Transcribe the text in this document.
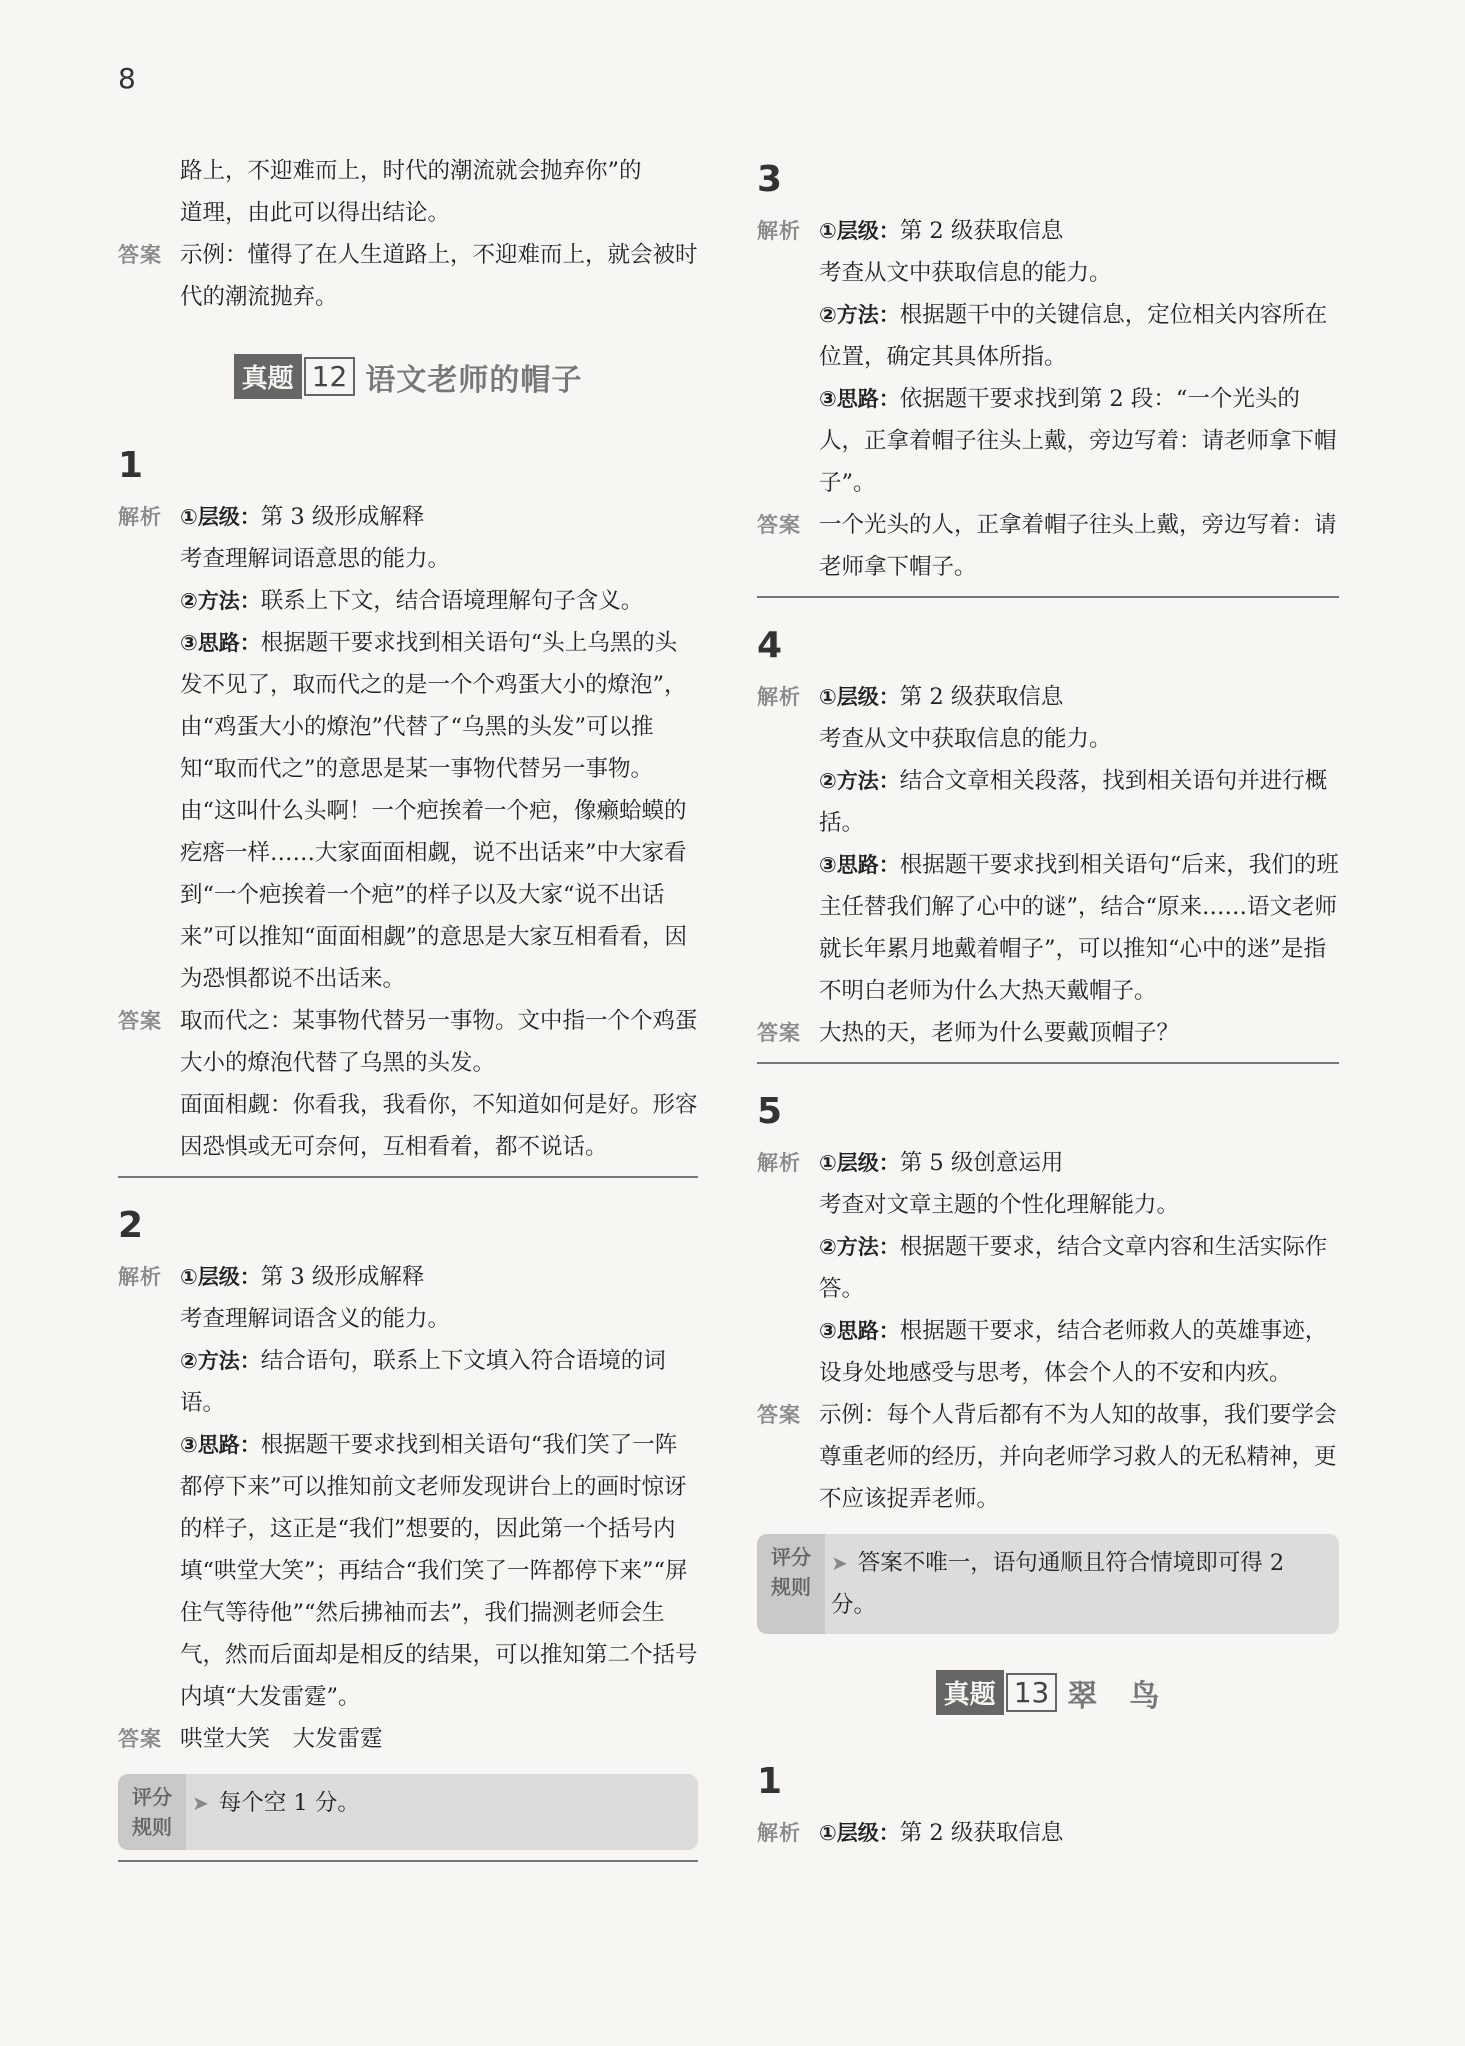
8

路上，不迎难而上，时代的潮流就会抛弃你”的

道理，由此可以得出结论。

答案 示例：懂得了在人生道路上，不迎难而上，就会被时代的潮流抛弃。
真题 12 语文老师的帽子
1
解析 ①层级：第 3 级形成解释

考查理解词语意思的能力。

②方法：联系上下文，结合语境理解句子含义。

③思路：根据题干要求找到相关语句“头上乌黑的头发不见了，取而代之的是一个个鸡蛋大小的燎泡”，由“鸡蛋大小的燎泡”代替了“乌黑的头发”可以推知“取而代之”的意思是某一事物代替另一事物。由“这叫什么头啊！一个疤挨着一个疤，像癞蛤蟆的疙瘩一样……大家面面相觑，说不出话来”中大家看到“一个疤挨着一个疤”的样子以及大家“说不出话来”可以推知“面面相觑”的意思是大家互相看看，因为恐惧都说不出话来。

答案 取而代之：某事物代替另一事物。文中指一个个鸡蛋大小的燎泡代替了乌黑的头发。

面面相觑：你看我，我看你，不知道如何是好。形容因恐惧或无可奈何，互相看着，都不说话。

2
解析 ①层级：第 3 级形成解释

考查理解词语含义的能力。

②方法：结合语句，联系上下文填入符合语境的词语。

③思路：根据题干要求找到相关语句“我们笑了一阵都停下来”可以推知前文老师发现讲台上的画时惊讶的样子，这正是“我们”想要的，因此第一个括号内填“哄堂大笑”；再结合“我们笑了一阵都停下来”“屏住气等待他”“然后拂袖而去”，我们揣测老师会生气，然而后面却是相反的结果，可以推知第二个括号内填“大发雷霆”。

答案 哄堂大笑　大发雷霆
评分规则
➤ 每个空 1 分。
3
解析 ①层级：第 2 级获取信息

考查从文中获取信息的能力。

②方法：根据题干中的关键信息，定位相关内容所在位置，确定其具体所指。

③思路：依据题干要求找到第 2 段：“一个光头的人，正拿着帽子往头上戴，旁边写着：请老师拿下帽子”。

答案 一个光头的人，正拿着帽子往头上戴，旁边写着：请老师拿下帽子。
4
解析 ①层级：第 2 级获取信息

考查从文中获取信息的能力。

②方法：结合文章相关段落，找到相关语句并进行概括。

③思路：根据题干要求找到相关语句“后来，我们的班主任替我们解了心中的谜”，结合“原来……语文老师就长年累月地戴着帽子”，可以推知“心中的迷”是指不明白老师为什么大热天戴帽子。

答案 大热的天，老师为什么要戴顶帽子？
5
解析 ①层级：第 5 级创意运用

考查对文章主题的个性化理解能力。

②方法：根据题干要求，结合文章内容和生活实际作答。

③思路：根据题干要求，结合老师救人的英雄事迹，设身处地感受与思考，体会个人的不安和内疚。

答案 示例：每个人背后都有不为人知的故事，我们要学会尊重老师的经历，并向老师学习救人的无私精神，更不应该捉弄老师。
评分规则
➤ 答案不唯一，语句通顺且符合情境即可得 2 分。
真题 13 翠　鸟
1
解析 ①层级：第 2 级获取信息
